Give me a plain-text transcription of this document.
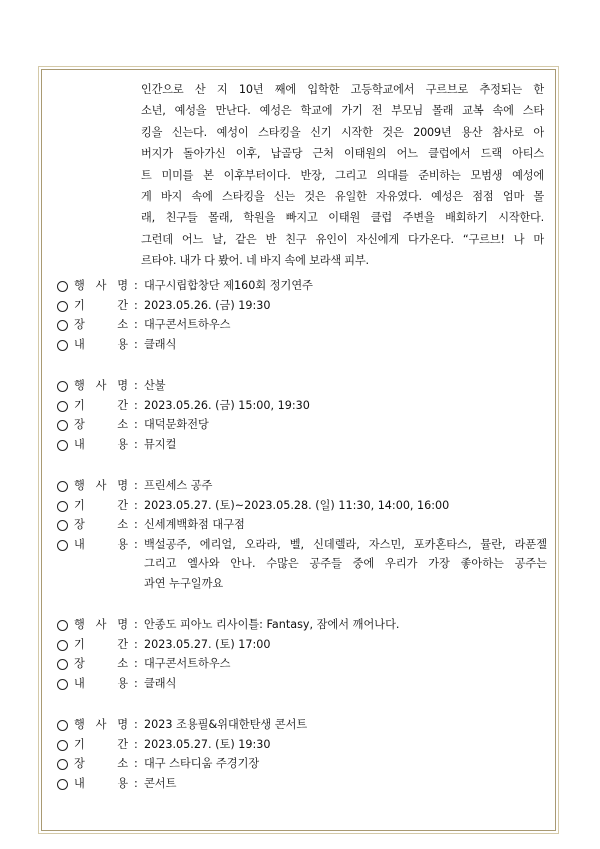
인간으로 산 지 10년 째에 입학한 고등학교에서 구르브로 추정되는 한
소년, 예성을 만난다. 예성은 학교에 가기 전 부모님 몰래 교복 속에 스타
킹을 신는다. 예성이 스타킹을 신기 시작한 것은 2009년 용산 참사로 아
버지가 돌아가신 이후, 납골당 근처 이태원의 어느 클럽에서 드랙 아티스
트 미미를 본 이후부터이다. 반장, 그리고 의대를 준비하는 모범생 예성에
게 바지 속에 스타킹을 신는 것은 유일한 자유였다. 예성은 점점 엄마 몰
래, 친구들 몰래, 학원을 빠지고 이태원 클럽 주변을 배회하기 시작한다.
그런데 어느 날, 같은 반 친구 유인이 자신에게 다가온다. “구르브! 나 마
르타야. 내가 다 봤어. 네 바지 속에 보라색 피부.
행 사 명 : 대구시립합창단 제160회 정기연주
기	간 : 2023.05.26. (금) 19:30
장	소 : 대구콘서트하우스
내	용 : 클래식
행 사 명 : 산불
기	간 : 2023.05.26. (금) 15:00, 19:30
장	소 : 대덕문화전당
내	용 : 뮤지컬
행 사 명 : 프린세스 공주
기	간 : 2023.05.27. (토)~2023.05.28. (일) 11:30, 14:00, 16:00
장	소 : 신세계백화점 대구점
내	용 : 백설공주, 에리얼, 오라라, 벨, 신데렐라, 자스민, 포카혼타스, 뮬란, 라푼젤
그리고 엘사와 안나. 수많은 공주들 중에 우리가 가장 좋아하는 공주는
과연 누구일까요
행 사 명 : 안종도 피아노 리사이틀: Fantasy, 잠에서 깨어나다.
기	간 : 2023.05.27. (토) 17:00
장	소 : 대구콘서트하우스
내	용 : 클래식
행 사 명 : 2023 조용필&위대한탄생 콘서트
기	간 : 2023.05.27. (토) 19:30
장	소 : 대구 스타디움 주경기장
내	용 : 콘서트
